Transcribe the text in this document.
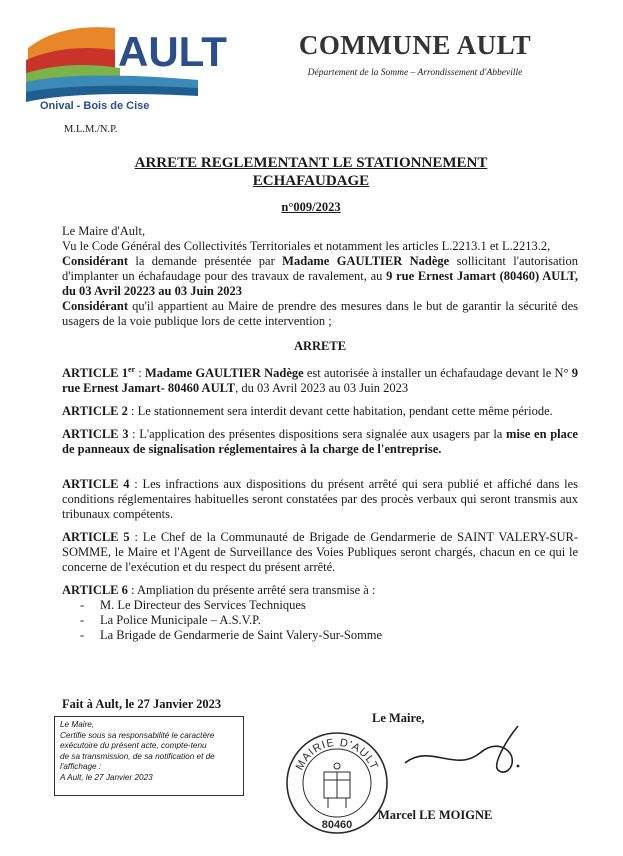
AULT
Onival - Bois de Cise
COMMUNE AULT
Département de la Somme – Arrondissement d'Abbeville
M.L.M./N.P.
ARRETE REGLEMENTANT LE STATIONNEMENT
ECHAFAUDAGE
n°009/2023

Le Maire d'Ault,

Vu le Code Général des Collectivités Territoriales et notamment les articles L.2213.1 et L.2213.2,

Considérant la demande présentée par Madame GAULTIER Nadège sollicitant l'autorisation d'implanter un échafaudage pour des travaux de ravalement, au 9 rue Ernest Jamart (80460) AULT, du 03 Avril 20223 au 03 Juin 2023

Considérant qu'il appartient au Maire de prendre des mesures dans le but de garantir la sécurité des usagers de la voie publique lors de cette intervention ;

ARRETE

ARTICLE 1er : Madame GAULTIER Nadège est autorisée à installer un échafaudage devant le N° 9 rue Ernest Jamart- 80460 AULT, du 03 Avril 2023 au 03 Juin 2023

ARTICLE 2 : Le stationnement sera interdit devant cette habitation, pendant cette même période.

ARTICLE 3 : L'application des présentes dispositions sera signalée aux usagers par la mise en place de panneaux de signalisation réglementaires à la charge de l'entreprise.

ARTICLE 4 : Les infractions aux dispositions du présent arrêté qui sera publié et affiché dans les conditions réglementaires habituelles seront constatées par des procès verbaux qui seront transmis aux tribunaux compétents.

ARTICLE 5 : Le Chef de la Communauté de Brigade de Gendarmerie de SAINT VALERY-SUR-SOMME, le Maire et l'Agent de Surveillance des Voies Publiques seront chargés, chacun en ce qui le concerne de l'exécution et du respect du présent arrêté.

ARTICLE 6 : Ampliation du présente arrêté sera transmise à :

- M. Le Directeur des Services Techniques
- La Police Municipale – A.S.V.P.
- La Brigade de Gendarmerie de Saint Valery-Sur-Somme
Fait à Ault, le 27 Janvier 2023
Le Maire,
Certifie sous sa responsabilité le caractère
exécutoire du présent acte, compte-tenu
de sa transmission, de sa notification et de
l'affichage :
A Ault, le 27 Janvier 2023
Le Maire,
MAIRIE D'AULT
80460
Marcel LE MOIGNE
